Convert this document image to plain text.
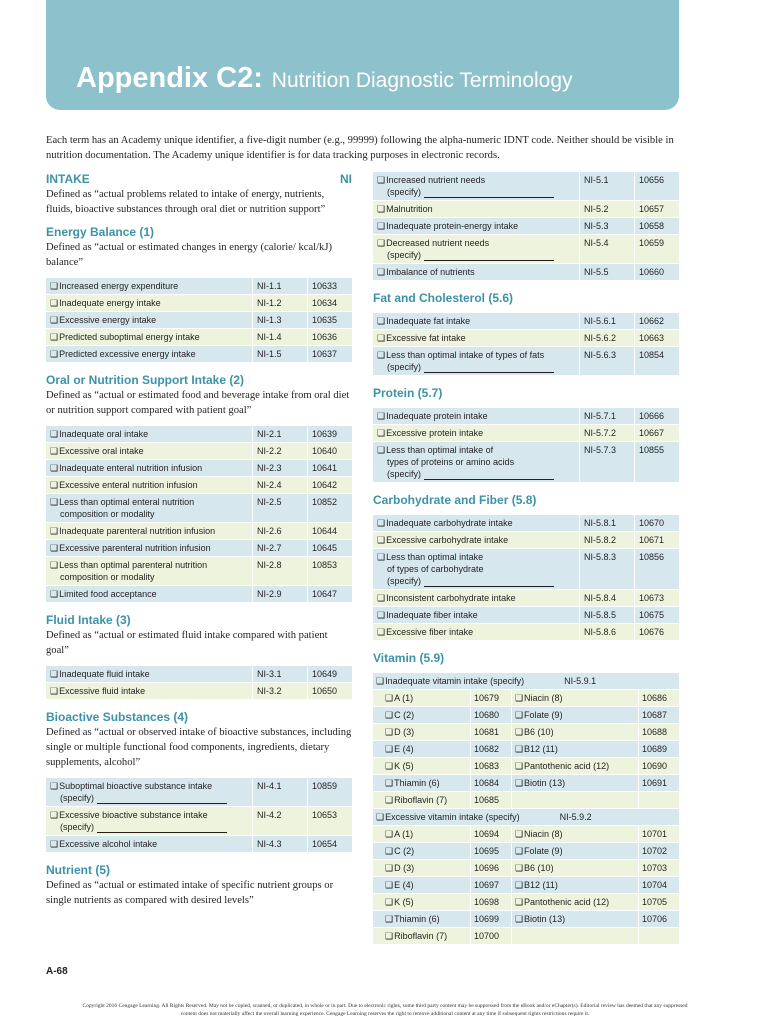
Appendix C2: Nutrition Diagnostic Terminology

Each term has an Academy unique identifier, a five-digit number (e.g., 99999) following the alpha-numeric IDNT code. Neither should be visible in nutrition documentation. The Academy unique identifier is for data tracking purposes in electronic records.

INTAKE	NI

Defined as “actual problems related to intake of energy, nutrients, fluids, bioactive substances through oral diet or nutrition support”

Energy Balance (1)

Defined as “actual or estimated changes in energy (calorie/ kcal/kJ) balance”

❑Increased energy expenditure	NI-1.1	10633
❑Inadequate energy intake	NI-1.2	10634
❑Excessive energy intake	NI-1.3	10635
❑Predicted suboptimal energy intake	NI-1.4	10636
❑Predicted excessive energy intake	NI-1.5	10637
Oral or Nutrition Support Intake (2)

Defined as “actual or estimated food and beverage intake from oral diet or nutrition support compared with patient goal”

❑Inadequate oral intake	NI-2.1	10639
❑Excessive oral intake	NI-2.2	10640
❑Inadequate enteral nutrition infusion	NI-2.3	10641
❑Excessive enteral nutrition infusion	NI-2.4	10642
❑Less than optimal enteral nutrition
composition or modality	NI-2.5	10852
❑Inadequate parenteral nutrition infusion	NI-2.6	10644
❑Excessive parenteral nutrition infusion	NI-2.7	10645
❑Less than optimal parenteral nutrition
composition or modality	NI-2.8	10853
❑Limited food acceptance	NI-2.9	10647
Fluid Intake (3)

Defined as “actual or estimated fluid intake compared with patient goal”

❑Inadequate fluid intake	NI-3.1	10649
❑Excessive fluid intake	NI-3.2	10650
Bioactive Substances (4)

Defined as “actual or observed intake of bioactive substances, including single or multiple functional food components, ingredients, dietary supplements, alcohol”

❑Suboptimal bioactive substance intake
(specify)	NI-4.1	10859
❑Excessive bioactive substance intake
(specify)	NI-4.2	10653
❑Excessive alcohol intake	NI-4.3	10654
Nutrient (5)

Defined as “actual or estimated intake of specific nutrient groups or single nutrients as compared with desired levels”

❑Increased nutrient needs
(specify)	NI-5.1	10656
❑Malnutrition	NI-5.2	10657
❑Inadequate protein-energy intake	NI-5.3	10658
❑Decreased nutrient needs
(specify)	NI-5.4	10659
❑Imbalance of nutrients	NI-5.5	10660
Fat and Cholesterol (5.6)
❑Inadequate fat intake	NI-5.6.1	10662
❑Excessive fat intake	NI-5.6.2	10663
❑Less than optimal intake of types of fats
(specify)	NI-5.6.3	10854
Protein (5.7)
❑Inadequate protein intake	NI-5.7.1	10666
❑Excessive protein intake	NI-5.7.2	10667
❑Less than optimal intake of
types of proteins or amino acids
(specify)	NI-5.7.3	10855
Carbohydrate and Fiber (5.8)
❑Inadequate carbohydrate intake	NI-5.8.1	10670
❑Excessive carbohydrate intake	NI-5.8.2	10671
❑Less than optimal intake
of types of carbohydrate
(specify)	NI-5.8.3	10856
❑Inconsistent carbohydrate intake	NI-5.8.4	10673
❑Inadequate fiber intake	NI-5.8.5	10675
❑Excessive fiber intake	NI-5.8.6	10676
Vitamin (5.9)
❑Inadequate vitamin intake (specify) NI-5.9.1			
❑A (1)	10679	❑Niacin (8)	10686
❑C (2)	10680	❑Folate (9)	10687
❑D (3)	10681	❑B6 (10)	10688
❑E (4)	10682	❑B12 (11)	10689
❑K (5)	10683	❑Pantothenic acid (12)	10690
❑Thiamin (6)	10684	❑Biotin (13)	10691
❑Riboflavin (7)	10685		
❑Excessive vitamin intake (specify) NI-5.9.2			
❑A (1)	10694	❑Niacin (8)	10701
❑C (2)	10695	❑Folate (9)	10702
❑D (3)	10696	❑B6 (10)	10703
❑E (4)	10697	❑B12 (11)	10704
❑K (5)	10698	❑Pantothenic acid (12)	10705
❑Thiamin (6)	10699	❑Biotin (13)	10706
❑Riboflavin (7)	10700		
A-68
Copyright 2016 Cengage Learning. All Rights Reserved. May not be copied, scanned, or duplicated, in whole or in part. Due to electronic rights, some third party content may be suppressed from the eBook and/or eChapter(s). Editorial review has deemed that any suppressed content does not materially affect the overall learning experience. Cengage Learning reserves the right to remove additional content at any time if subsequent rights restrictions require it.
